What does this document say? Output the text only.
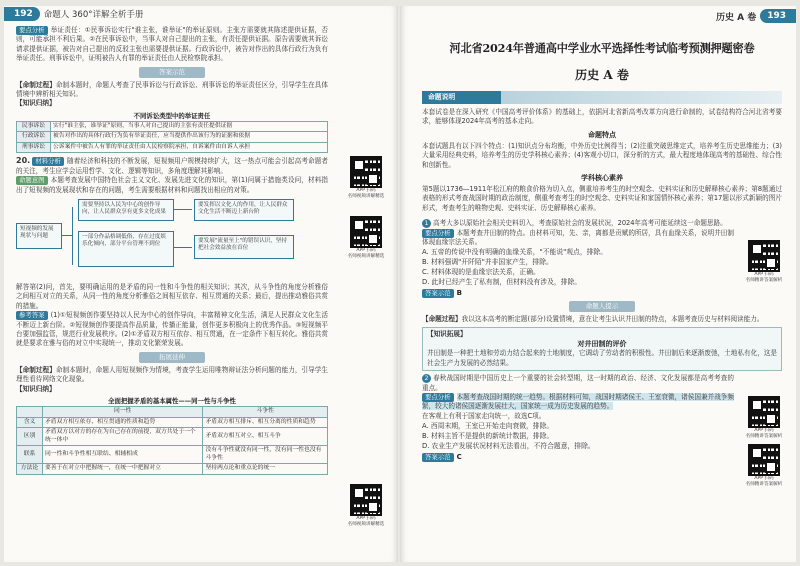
192	命题人 360°详解全析手册

要点分析 举证责任：①民事诉讼实行"谁主张，谁举证"的举证原则。主张方需要就其陈述提供证据，否则，可能承担不利后果。②在民事诉讼中，当事人对自己提出的主张，有责任提供证据。原告需要就其诉讼请求提供证据，被告对自己提出的反驳主张也需要提供证据。行政诉讼中，被告对作出的具体行政行为负有举证责任。刑事诉讼中，证明被告人有罪的举证责任由人民检察院承担。

答案示范

【命制过程】命制本题时，命题人考查了民事诉讼与行政诉讼、刑事诉讼的举证责任区分，引导学生在具体情境中辨析相关知识。

【知识归纳】

不同诉讼类型中的举证责任
民事诉讼	实行"谁主张，谁举证"原则，当事人对自己提出的主张有责任提供证据
行政诉讼	被告对作出的具体行政行为负有举证责任，应当提供作出该行为的证据和依据
刑事诉讼	公诉案件中被告人有罪的举证责任由人民检察院承担，自诉案件由自诉人承担

20. 材料分析 随着经济和科技的不断发展，短视频用户规模持续扩大，这一热点可能会引起高考命题者的关注，考生应学会运用哲学、文化、逻辑等知识，多角度理解其影响。

命题意图 本题考查发展中国特色社会主义文化、发展先进文化的知识，第(1)问属于措施类设问，材料指出了短视频的发展现状和存在的问题，考生需要根据材料和问题找出相应的对策。

短视频的发展现状与问题
需要坚持以人民为中心的创作导向，让人民群众享有更多文化成果
一部分作品格调低俗，存在过度娱乐化倾向，部分平台管理不到位
要发挥以文化人的作用，让人民群众文化生活不断迈上新台阶
要发展"流量至上"的错误认识，坚持把社会效益放在首位

解答第(2)问，首先，要明确运用的是矛盾的同一性和斗争性的相关知识；其次，从斗争性的角度分析雅俗之间相互对立的关系，从同一性的角度分析雅俗之间相互依存、相互贯通的关系；最后，提出推动雅俗共赏的措施。

参考答案 (1)①短视频创作要坚持以人民为中心的创作导向，丰富精神文化生活，满足人民群众文化生活不断迈上新台阶。②短视频创作要提高作品质量，传播正能量，创作更多积极向上的优秀作品。③短视频平台要加强监管，规范行业发展秩序。(2)①矛盾双方相互依存、相互贯通，在一定条件下相互转化。雅俗共赏就是要求在雅与俗的对立中实现统一，推动文化繁荣发展。

拓展延伸

【命制过程】命制本题时，命题人用短视频作为情境，考查学生运用唯物辩证法分析问题的能力，引导学生理性看待网络文化现象。

【知识归纳】

全面把握矛盾的基本属性——同一性与斗争性
	同一性	斗争性
含义	矛盾双方相互依存、相互贯通的性质和趋势	矛盾双方相互排斥、相互分离的性质和趋势
区别	矛盾双方以对方的存在为自己存在的前提，双方共处于一个统一体中	矛盾双方相互对立、相互斗争
联系	同一性和斗争性相互联结、相辅相成	没有斗争性就没有同一性，没有同一性也没有斗争性
方法论	要善于在对立中把握统一，在统一中把握对立	坚持两点论和重点论的统一
APP 扫码
名师视频讲解精选
APP 扫码
名师视频讲解精选
APP 扫码
名师视频讲解精选
历史 A 卷	193
河北省2024年普通高中学业水平选择性考试临考预测押题密卷
历史 A 卷
命题说明

本套试卷是在深入研究《中国高考评价体系》的基础上，依据河北省新高考改革方向进行命制的，试卷结构符合河北省考要求，能够体现2024年高考的基本走向。

命题特点

本套试题具有以下四个特点：(1)知识点分布均衡，中外历史比例得当；(2)注重突破思维定式，培养考生历史思维能力；(3)大量采用经典史料，培养考生的历史学科核心素养；(4)客观小切口，深分析的方式，最大程度地体现高考的基础性、综合性和创新性。

学科核心素养

第5题以1736—1911年松江府的粮食价格为切入点，侧重培养考生的时空观念、史料实证和历史解释核心素养；第8题通过表格的形式考查战国时期的政治制度，侧重考查考生的时空观念、史料实证和家国情怀核心素养；第17题以形式新颖的图片形式，考查考生的唯物史观、史料实证、历史解释核心素养。

1 高考大多以原始社会相关史料切入，考查原始社会的发展状况，2024年高考可能延续这一命题思路。

要点分析 本题考查井田制的特点。由材料可知，先、亲，离都是贡赋的所居，具有血缘关系，说明井田制体现血缘宗法关系。

A. 五帝的传说中没有明确的血缘关系，"不能说"观点，排除。
B. 材料强调"开阡陌"并非国家产生，排除。
C. 材料体现的是血缘宗法关系，正确。
D. 此时已经产生了私有制，但材料没有涉及，排除。
答案示范 B
命题人提示

【命题过程】我以这本高考的断定题(部分)设置情境，意在让考生认识井田制的特点，本题考查历史与材料阅读能力。

【知识拓展】

对井田制的评价

井田制是一种把土地和劳动力结合起来的土地制度，它调动了劳动者的积极性。井田制后来逐渐废弛，土地私有化，这是社会生产力发展的必然结果。

2 春秋战国时期是中国历史上一个重要的社会转型期，这一时期的政治、经济、文化发展都是高考考查的重点。

要点分析 本题考查战国时期的统一趋势。根据材料可知，战国时期诸侯王、王室衰微，诸侯国兼并战争频繁，较大的诸侯国逐渐发展壮大，国家统一成为历史发展的趋势。

在客观上有利于国家走向统一，故选C项。

A. 西周末期，王室已开始走向衰微，排除。
B. 材料主旨不是提供的新统计数据，排除。
D. 农业生产发展状况材料无法看出，不符合题意，排除。
答案示范 C
APP 扫码
名师精讲答案解析
APP 扫码
名师精讲答案解析
APP 扫码
名师精讲答案解析
